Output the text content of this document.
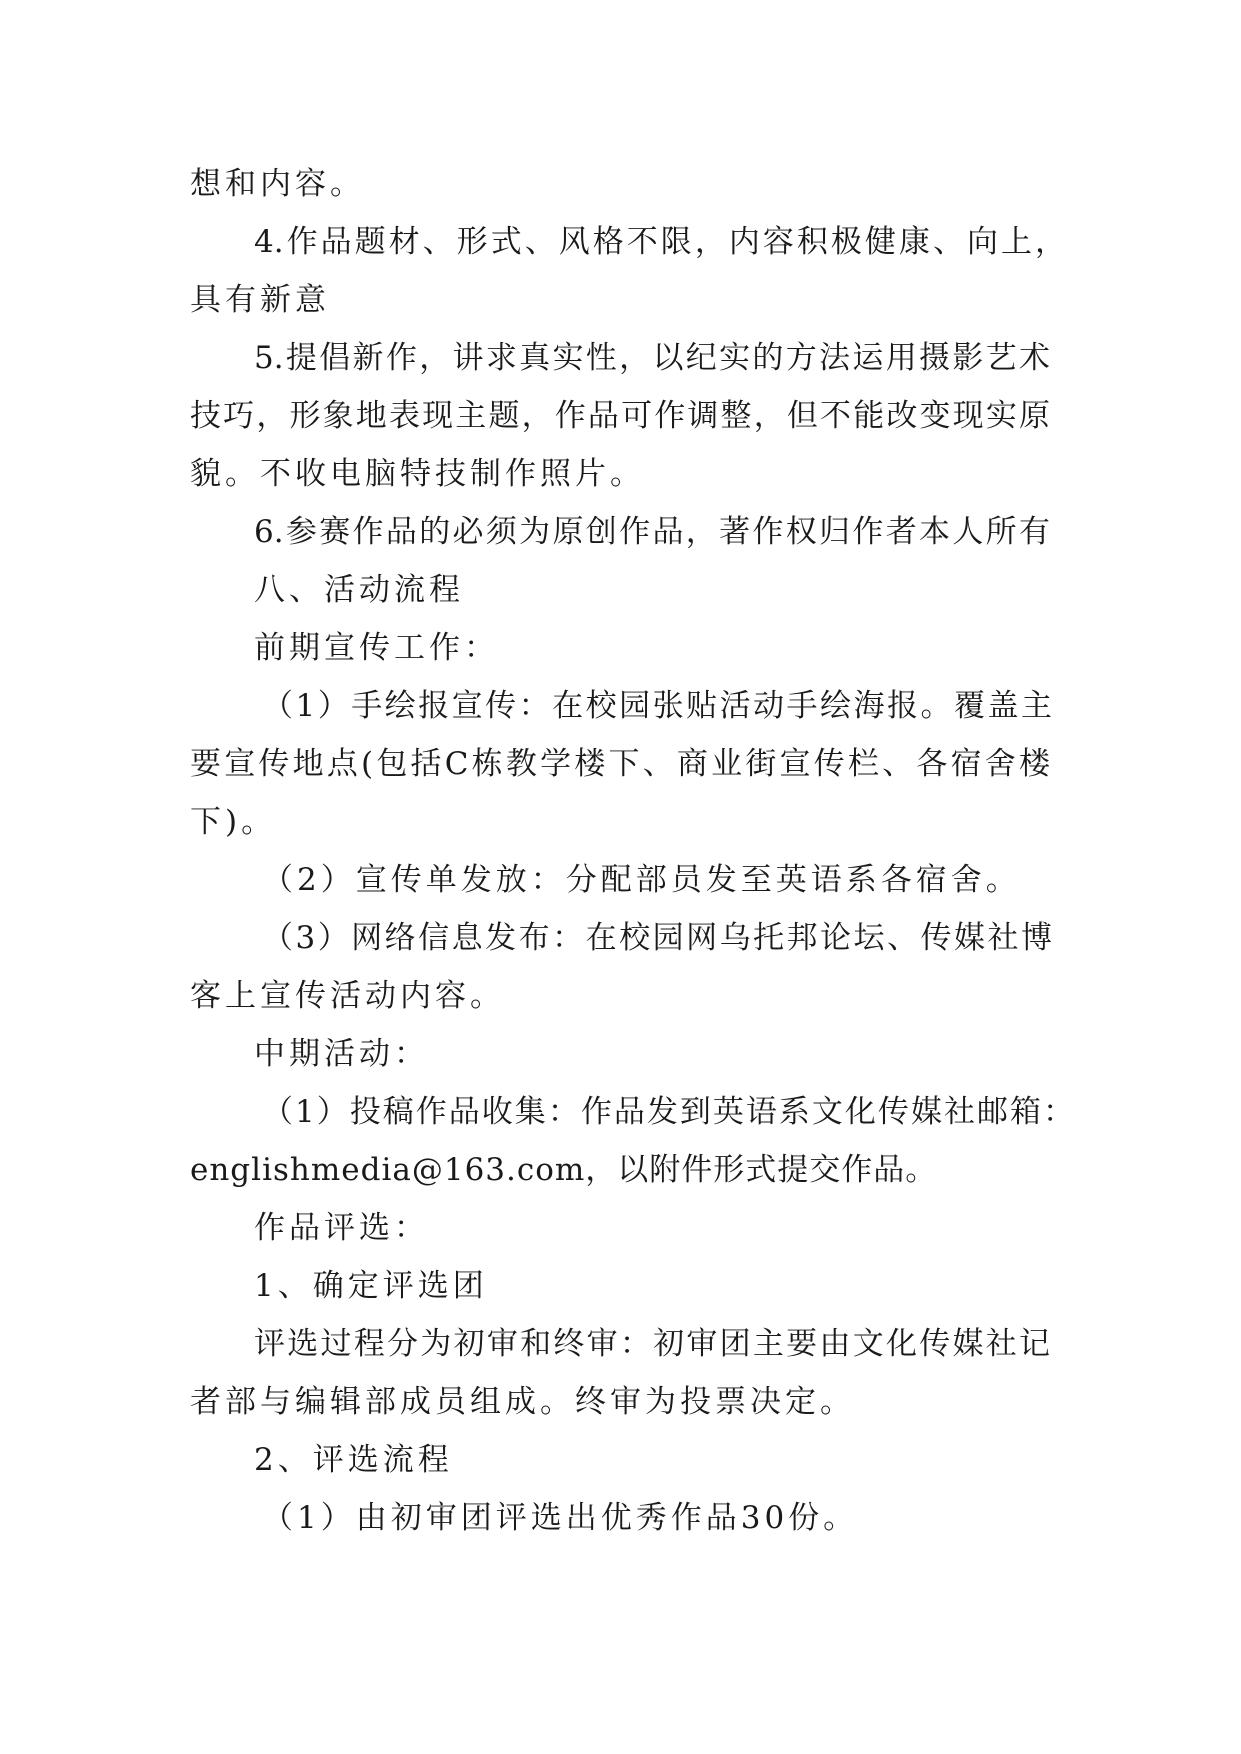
想和内容。

4.作品题材、形式、风格不限，内容积极健康、向上，

具有新意

5.提倡新作，讲求真实性，以纪实的方法运用摄影艺术

技巧，形象地表现主题，作品可作调整，但不能改变现实原

貌。不收电脑特技制作照片。

6.参赛作品的必须为原创作品，著作权归作者本人所有

八、活动流程

前期宣传工作：

（1）手绘报宣传：在校园张贴活动手绘海报。覆盖主

要宣传地点(包括C栋教学楼下、商业街宣传栏、各宿舍楼

下)。

（2）宣传单发放：分配部员发至英语系各宿舍。

（3）网络信息发布：在校园网乌托邦论坛、传媒社博

客上宣传活动内容。

中期活动：

（1）投稿作品收集：作品发到英语系文化传媒社邮箱：

englishmedia@163.com，以附件形式提交作品。

作品评选：

1、确定评选团

评选过程分为初审和终审：初审团主要由文化传媒社记

者部与编辑部成员组成。终审为投票决定。

2、评选流程

（1）由初审团评选出优秀作品30份。
